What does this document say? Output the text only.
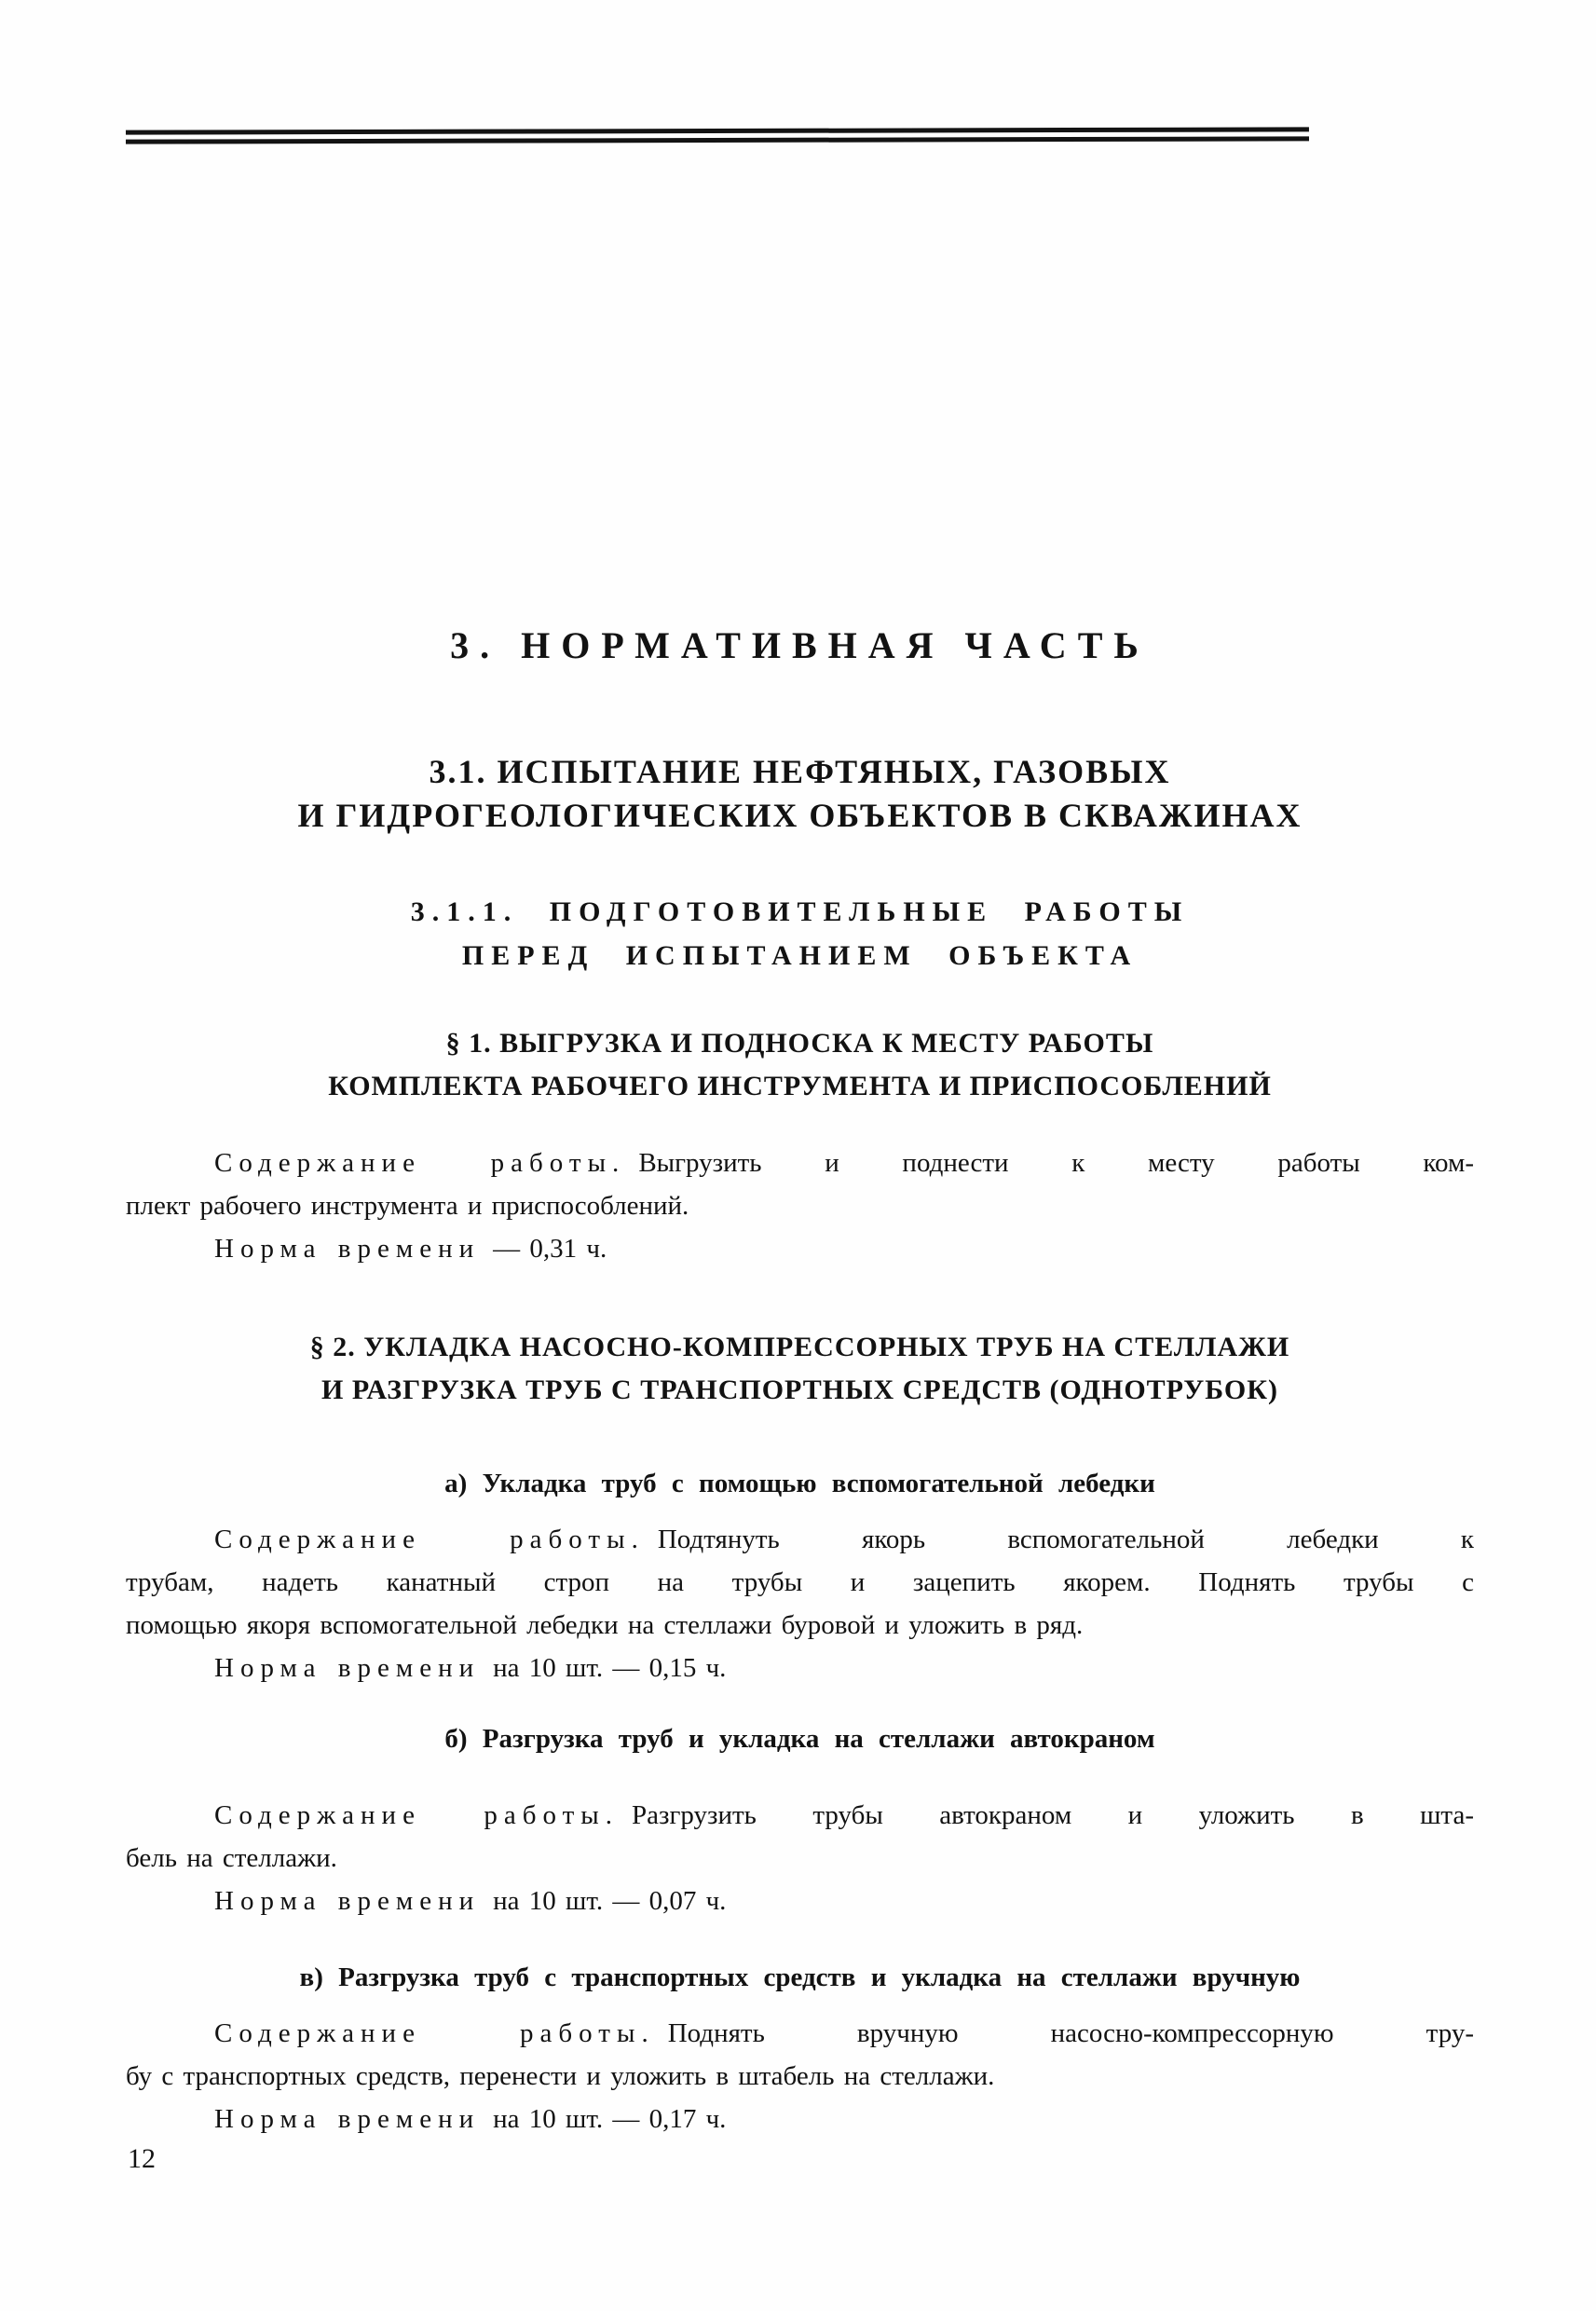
3. НОРМАТИВНАЯ ЧАСТЬ
3.1. ИСПЫТАНИЕ НЕФТЯНЫХ, ГАЗОВЫХ
И ГИДРОГЕОЛОГИЧЕСКИХ ОБЪЕКТОВ В СКВАЖИНАХ
3.1.1. ПОДГОТОВИТЕЛЬНЫЕ РАБОТЫ
ПЕРЕД ИСПЫТАНИЕМ ОБЪЕКТА
§ 1. ВЫГРУЗКА И ПОДНОСКА К МЕСТУ РАБОТЫ
КОМПЛЕКТА РАБОЧЕГО ИНСТРУМЕНТА И ПРИСПОСОБЛЕНИЙ
Содержание работы. Выгрузить и поднести к месту работы ком-
плект рабочего инструмента и приспособлений.
Норма времени — 0,31 ч.
§ 2. УКЛАДКА НАСОСНО-КОМПРЕССОРНЫХ ТРУБ НА СТЕЛЛАЖИ
И РАЗГРУЗКА ТРУБ С ТРАНСПОРТНЫХ СРЕДСТВ (ОДНОТРУБОК)
а) Укладка труб с помощью вспомогательной лебедки
Содержание работы. Подтянуть якорь вспомогательной лебедки к
трубам, надеть канатный строп на трубы и зацепить якорем. Поднять трубы с
помощью якоря вспомогательной лебедки на стеллажи буровой и уложить в ряд.
Норма времени на 10 шт. — 0,15 ч.
б) Разгрузка труб и укладка на стеллажи автокраном
Содержание работы. Разгрузить трубы автокраном и уложить в шта-
бель на стеллажи.
Норма времени на 10 шт. — 0,07 ч.
в) Разгрузка труб с транспортных средств и укладка на стеллажи вручную
Содержание работы. Поднять вручную насосно-компрессорную тру-
бу с транспортных средств, перенести и уложить в штабель на стеллажи.
Норма времени на 10 шт. — 0,17 ч.
12
